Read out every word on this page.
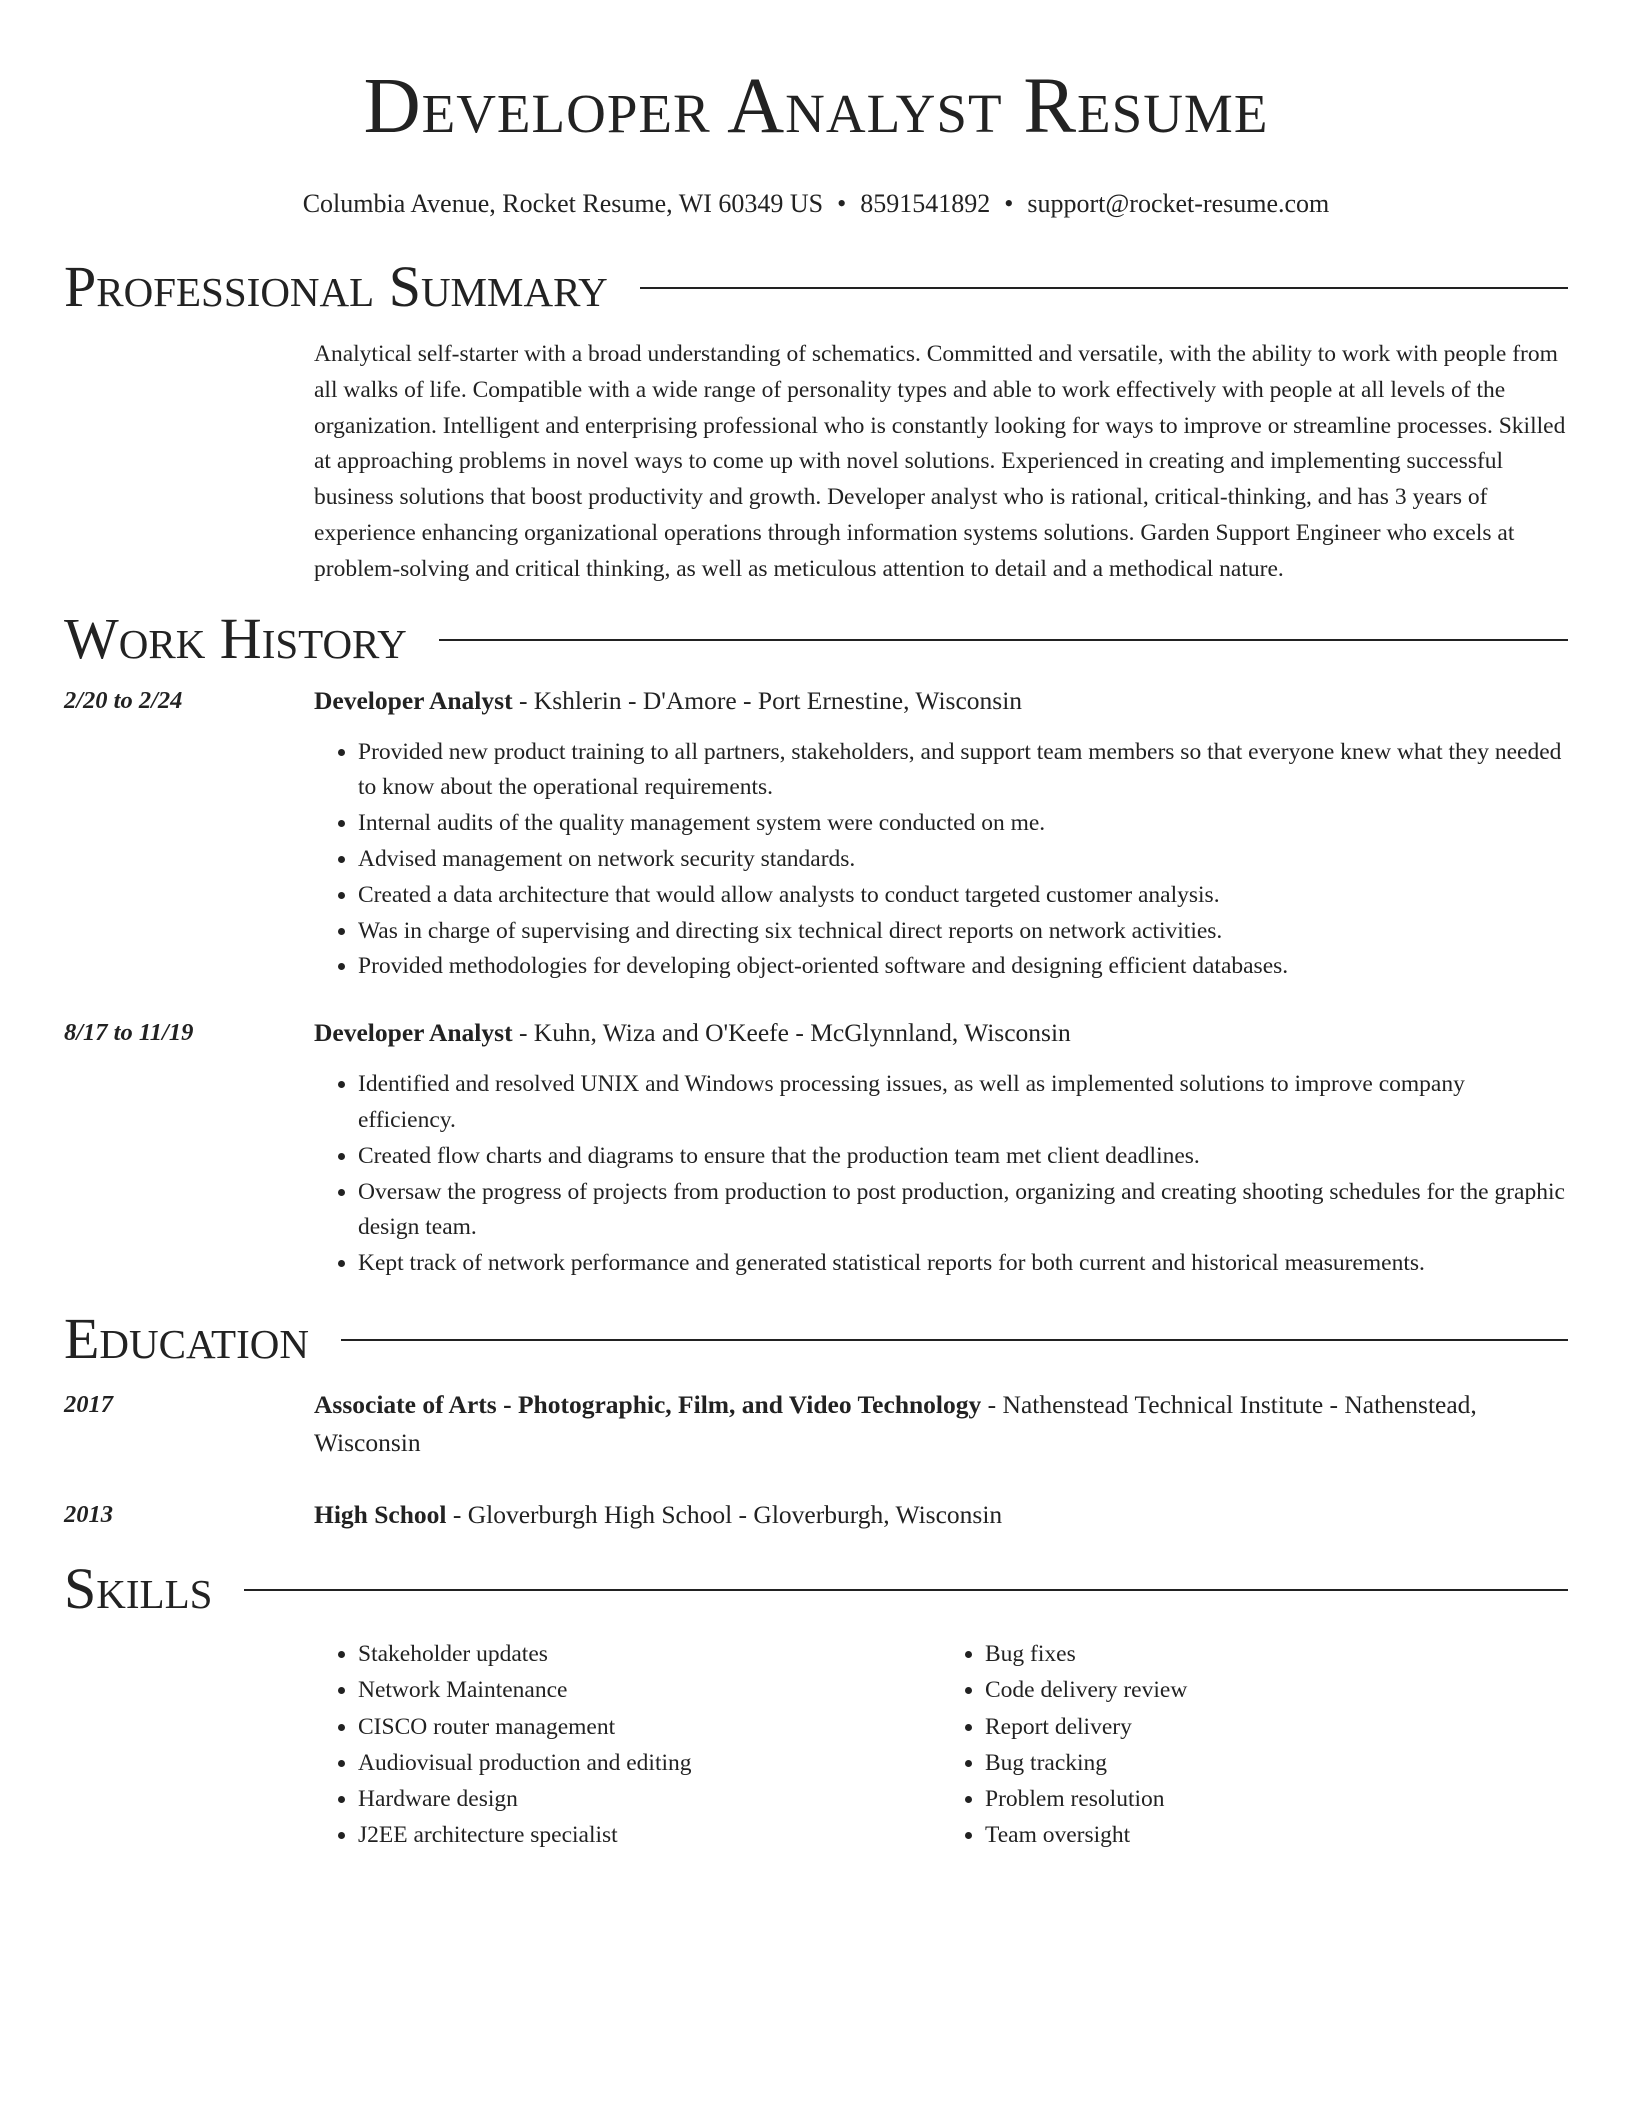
Developer Analyst Resume
Columbia Avenue, Rocket Resume, WI 60349 US • 8591541892 • support@rocket-resume.com
Professional Summary
Analytical self-starter with a broad understanding of schematics. Committed and versatile, with the ability to work with people from all walks of life. Compatible with a wide range of personality types and able to work effectively with people at all levels of the organization. Intelligent and enterprising professional who is constantly looking for ways to improve or streamline processes. Skilled at approaching problems in novel ways to come up with novel solutions. Experienced in creating and implementing successful business solutions that boost productivity and growth. Developer analyst who is rational, critical-thinking, and has 3 years of experience enhancing organizational operations through information systems solutions. Garden Support Engineer who excels at problem-solving and critical thinking, as well as meticulous attention to detail and a methodical nature.
Work History
2/20 to 2/24	Developer Analyst - Kshlerin - D'Amore - Port Ernestine, Wisconsin
• Provided new product training to all partners, stakeholders, and support team members so that everyone knew what they needed to know about the operational requirements.
• Internal audits of the quality management system were conducted on me.
• Advised management on network security standards.
• Created a data architecture that would allow analysts to conduct targeted customer analysis.
• Was in charge of supervising and directing six technical direct reports on network activities.
• Provided methodologies for developing object-oriented software and designing efficient databases.
8/17 to 11/19	Developer Analyst - Kuhn, Wiza and O'Keefe - McGlynnland, Wisconsin
• Identified and resolved UNIX and Windows processing issues, as well as implemented solutions to improve company efficiency.
• Created flow charts and diagrams to ensure that the production team met client deadlines.
• Oversaw the progress of projects from production to post production, organizing and creating shooting schedules for the graphic design team.
• Kept track of network performance and generated statistical reports for both current and historical measurements.
Education
2017	Associate of Arts - Photographic, Film, and Video Technology - Nathenstead Technical Institute - Nathenstead, Wisconsin
2013	High School - Gloverburgh High School - Gloverburgh, Wisconsin
Skills
• Stakeholder updates
• Network Maintenance
• CISCO router management
• Audiovisual production and editing
• Hardware design
• J2EE architecture specialist
• Bug fixes
• Code delivery review
• Report delivery
• Bug tracking
• Problem resolution
• Team oversight
